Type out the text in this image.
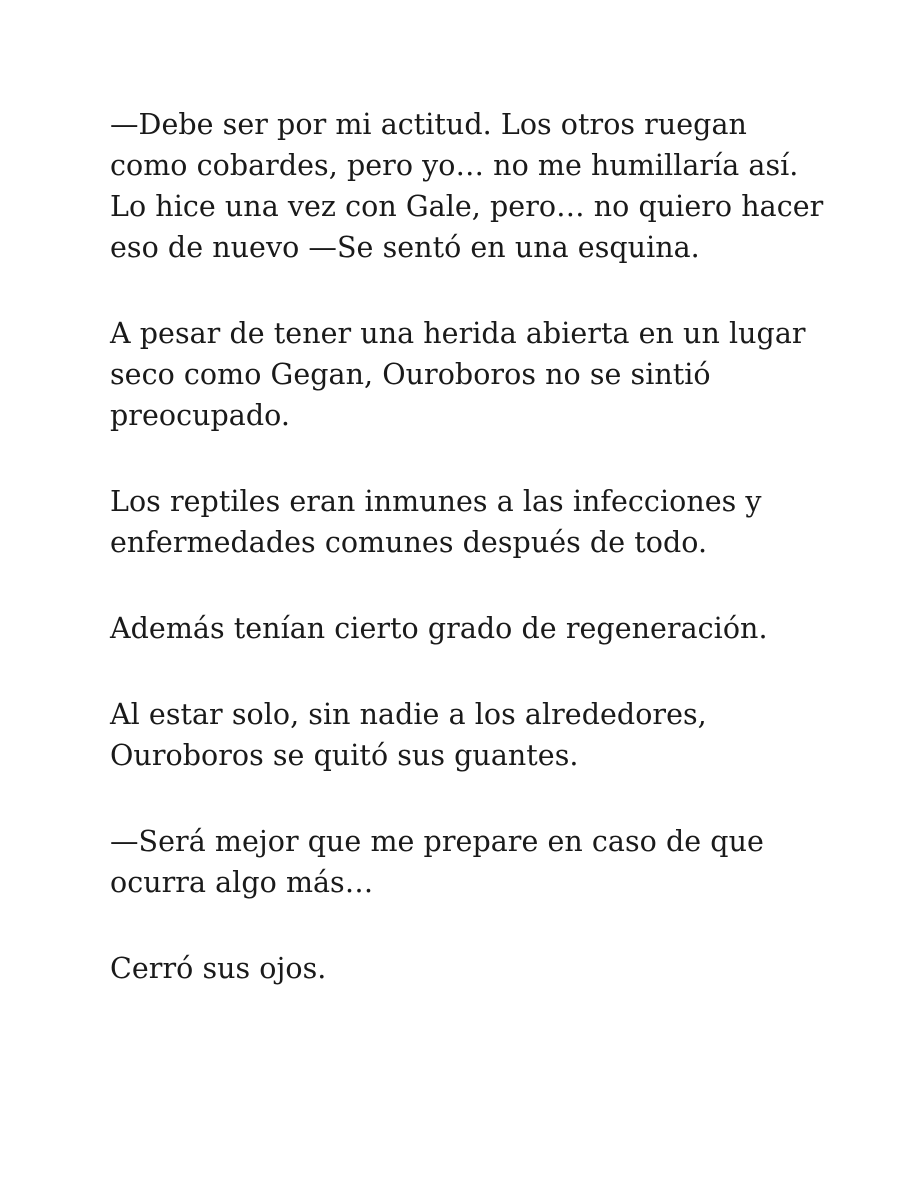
—Debe ser por mi actitud. Los otros ruegan
como cobardes, pero yo… no me humillaría así.
Lo hice una vez con Gale, pero… no quiero hacer
eso de nuevo —Se sentó en una esquina.

A pesar de tener una herida abierta en un lugar
seco como Gegan, Ouroboros no se sintió
preocupado.

Los reptiles eran inmunes a las infecciones y
enfermedades comunes después de todo.

Además tenían cierto grado de regeneración.

Al estar solo, sin nadie a los alrededores,
Ouroboros se quitó sus guantes.

—Será mejor que me prepare en caso de que
ocurra algo más…

Cerró sus ojos.
